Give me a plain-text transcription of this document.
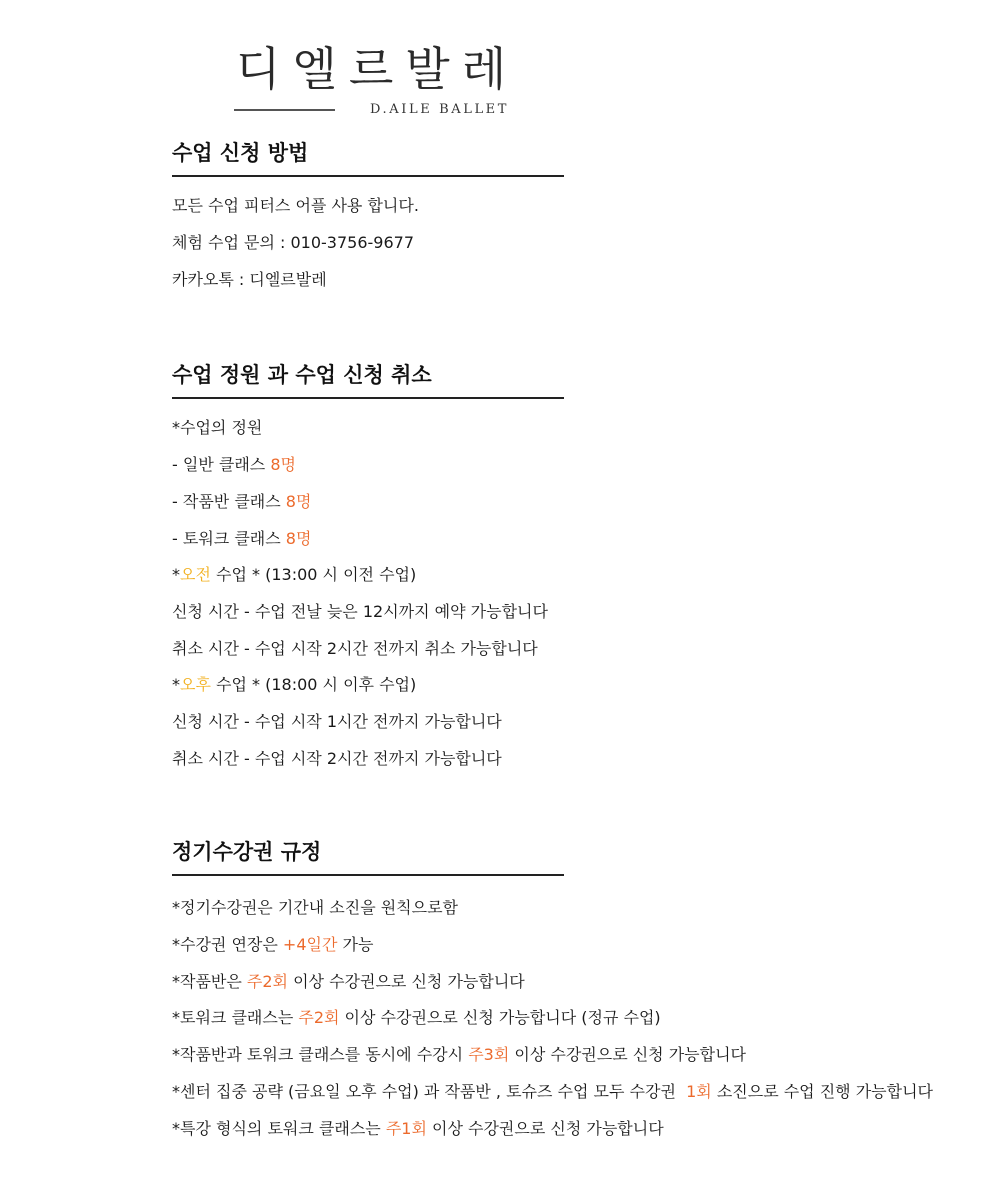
디엘르발레
D.AILE BALLET
수업 신청 방법
모든 수업 피터스 어플 사용 합니다.
체험 수업 문의 : 010-3756-9677
카카오톡 : 디엘르발레
수업 정원 과 수업 신청 취소
*수업의 정원
- 일반 클래스 8명
- 작품반 클래스 8명
- 토워크 클래스 8명
*오전 수업 * (13:00 시 이전 수업)
신청 시간 - 수업 전날 늦은 12시까지 예약 가능합니다
취소 시간 - 수업 시작 2시간 전까지 취소 가능합니다
*오후 수업 * (18:00 시 이후 수업)
신청 시간 - 수업 시작 1시간 전까지 가능합니다
취소 시간 - 수업 시작 2시간 전까지 가능합니다
정기수강권 규정
*정기수강권은 기간내 소진을 원칙으로함
*수강권 연장은 +4일간 가능
*작품반은 주2회 이상 수강권으로 신청 가능합니다
*토워크 클래스는 주2회 이상 수강권으로 신청 가능합니다 (정규 수업)
*작품반과 토워크 클래스를 동시에 수강시 주3회 이상 수강권으로 신청 가능합니다
*센터 집중 공략 (금요일 오후 수업) 과 작품반 , 토슈즈 수업 모두 수강권  1회 소진으로 수업 진행 가능합니다
*특강 형식의 토워크 클래스는 주1회 이상 수강권으로 신청 가능합니다
